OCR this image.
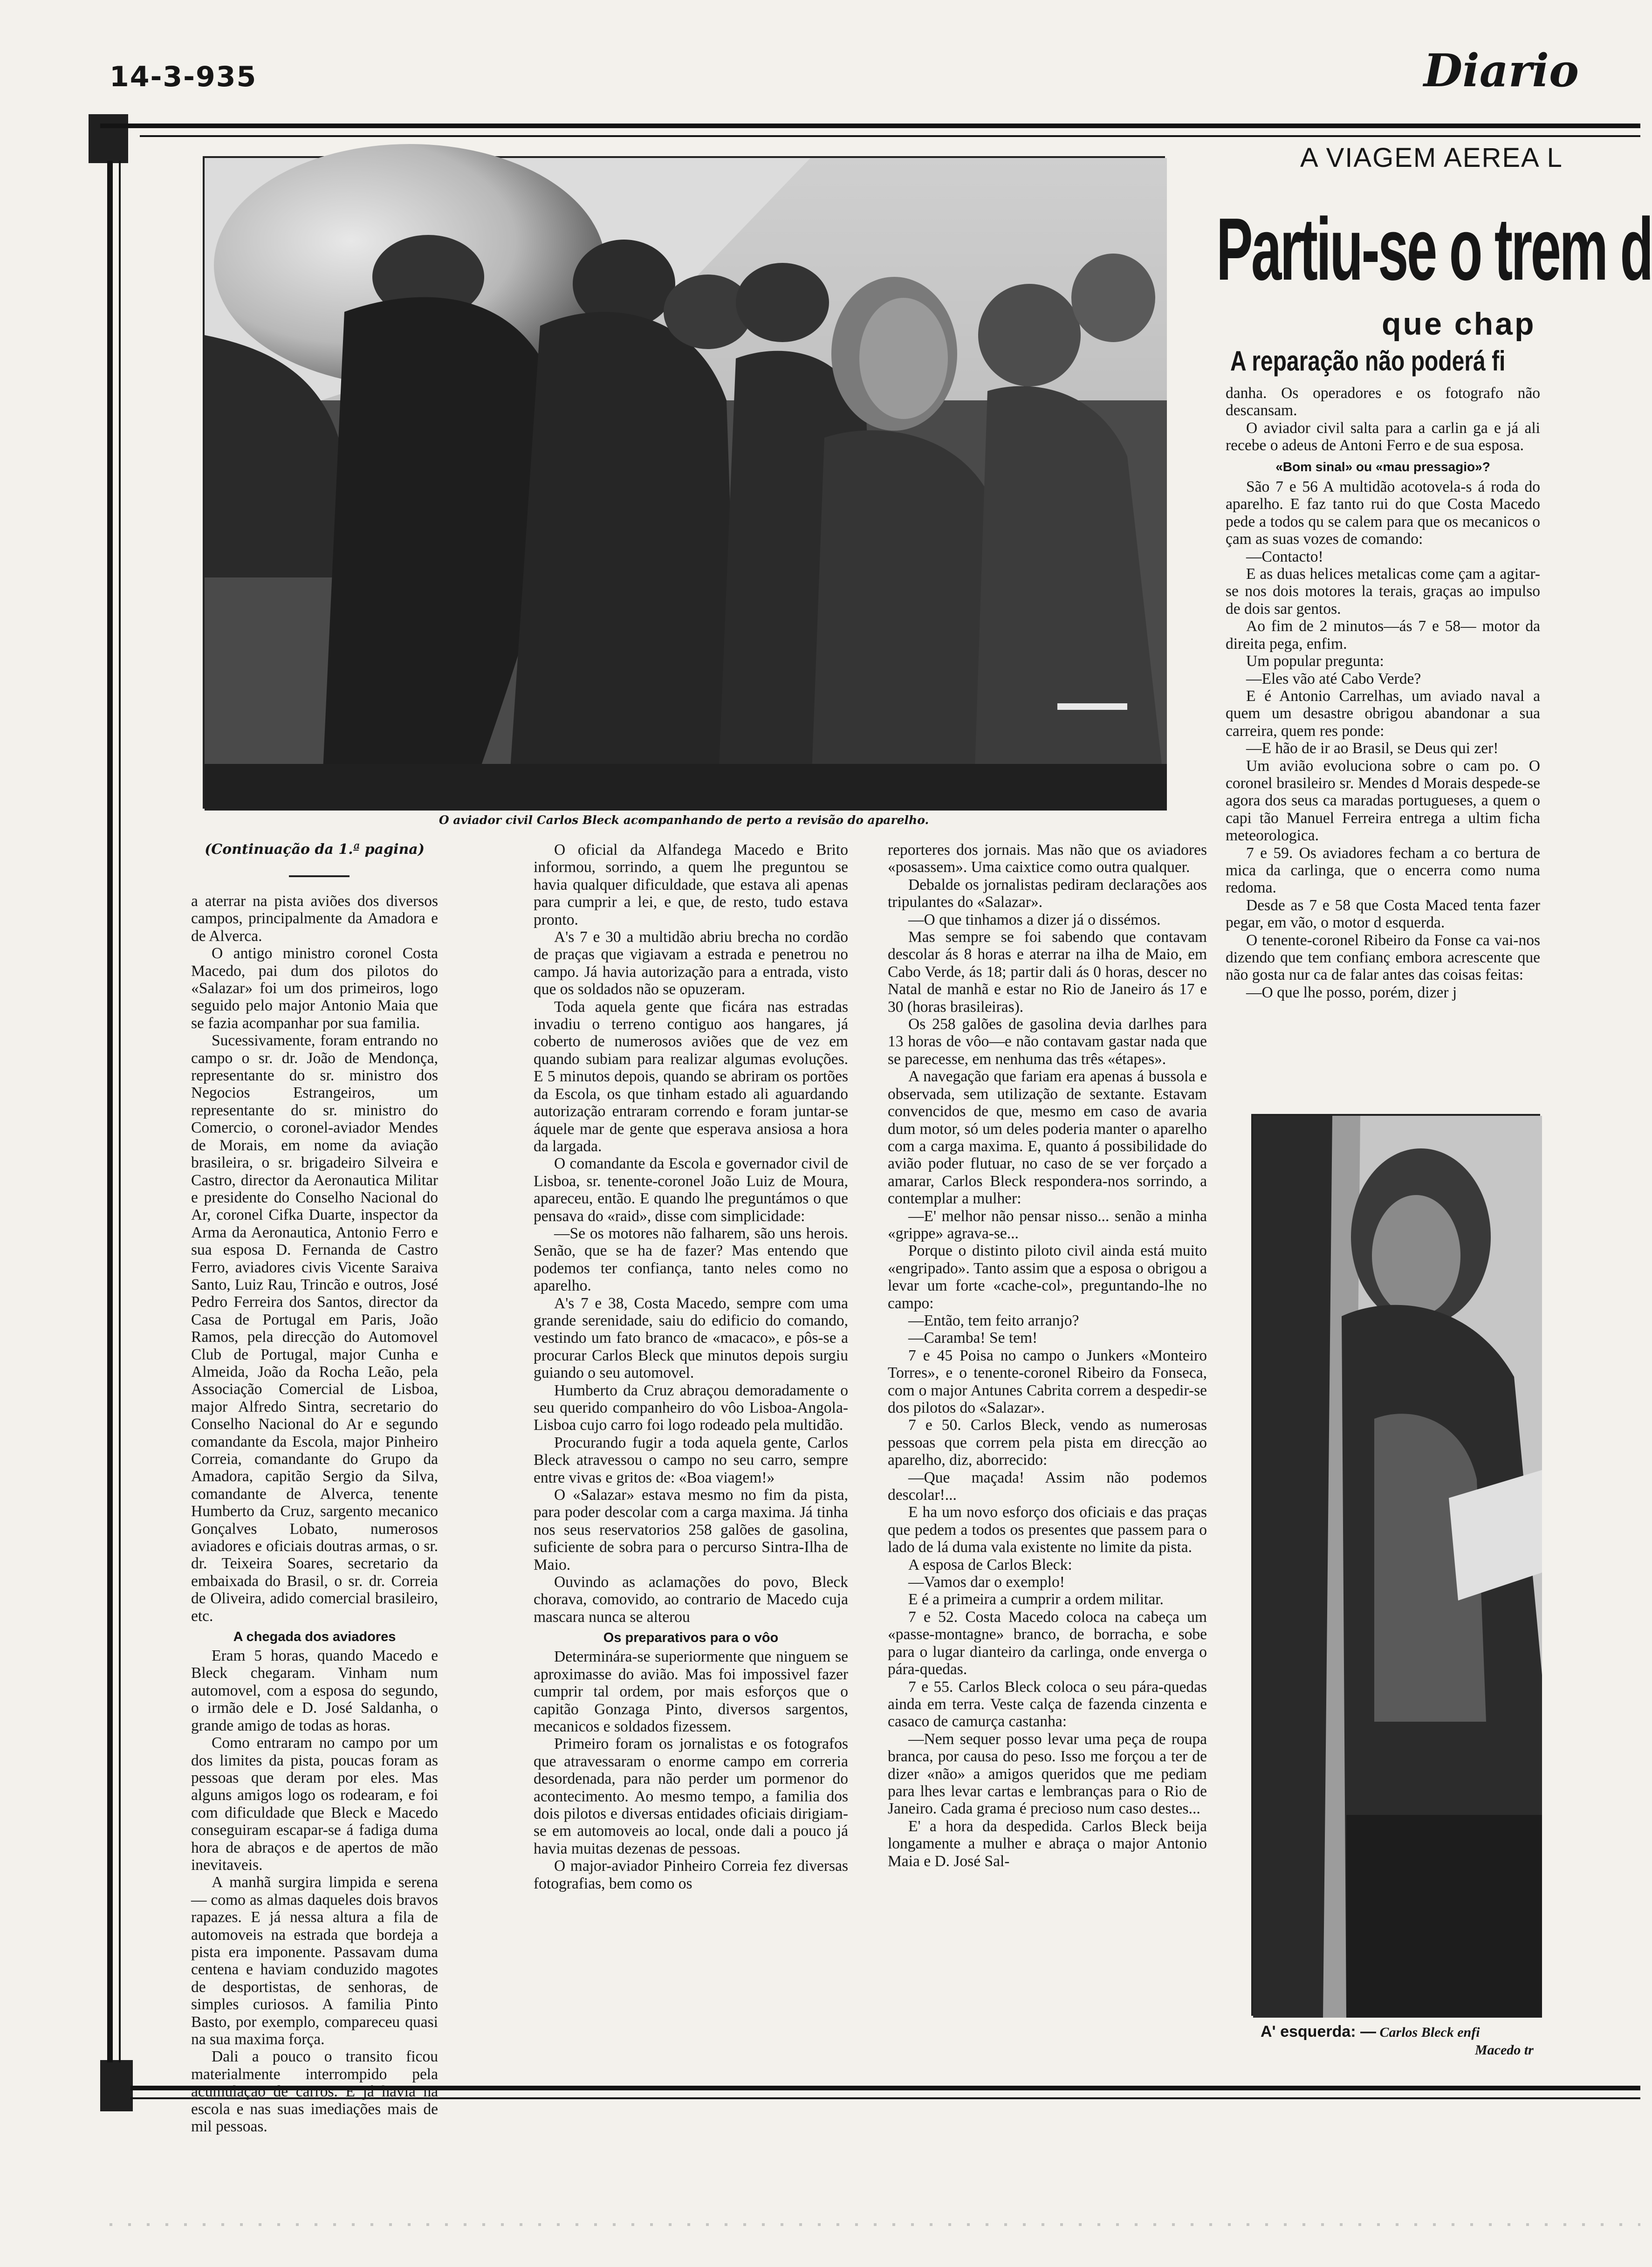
14-3-935	Diario
O aviador civil Carlos Bleck acompanhando de perto a revisão do aparelho.
(Continuação da 1.ª pagina)

a aterrar na pista aviões dos diversos campos, principalmente da Amadora e de Alverca.

O antigo ministro coronel Costa Macedo, pai dum dos pilotos do «Salazar» foi um dos primeiros, logo seguido pelo major Antonio Maia que se fazia acompanhar por sua familia.

Sucessivamente, foram entrando no campo o sr. dr. João de Mendonça, representante do sr. ministro dos Negocios Estrangeiros, um representante do sr. ministro do Comercio, o coronel-aviador Mendes de Morais, em nome da aviação brasileira, o sr. brigadeiro Silveira e Castro, director da Aeronautica Militar e presidente do Conselho Nacional do Ar, coronel Cifka Duarte, inspector da Arma da Aeronautica, Antonio Ferro e sua esposa D. Fernanda de Castro Ferro, aviadores civis Vicente Saraiva Santo, Luiz Rau, Trincão e outros, José Pedro Ferreira dos Santos, director da Casa de Portugal em Paris, João Ramos, pela direcção do Automovel Club de Portugal, major Cunha e Almeida, João da Rocha Leão, pela Associação Comercial de Lisboa, major Alfredo Sintra, secretario do Conselho Nacional do Ar e segundo comandante da Escola, major Pinheiro Correia, comandante do Grupo da Amadora, capitão Sergio da Silva, comandante de Alverca, tenente Humberto da Cruz, sargento mecanico Gonçalves Lobato, numerosos aviadores e oficiais doutras armas, o sr. dr. Teixeira Soares, secretario da embaixada do Brasil, o sr. dr. Correia de Oliveira, adido comercial brasileiro, etc.

A chegada dos aviadores

Eram 5 horas, quando Macedo e Bleck chegaram. Vinham num automovel, com a esposa do segundo, o irmão dele e D. José Saldanha, o grande amigo de todas as horas.

Como entraram no campo por um dos limites da pista, poucas foram as pessoas que deram por eles. Mas alguns amigos logo os rodearam, e foi com dificuldade que Bleck e Macedo conseguiram escapar-se á fadiga duma hora de abraços e de apertos de mão inevitaveis.

A manhã surgira limpida e serena — como as almas daqueles dois bravos rapazes. E já nessa altura a fila de automoveis na estrada que bordeja a pista era imponente. Passavam duma centena e haviam conduzido magotes de desportistas, de senhoras, de simples curiosos. A familia Pinto Basto, por exemplo, compareceu quasi na sua maxima força.

Dali a pouco o transito ficou materialmente interrompido pela acumulação de carros. E já havia na escola e nas suas imediações mais de mil pessoas.

O oficial da Alfandega Macedo e Brito informou, sorrindo, a quem lhe preguntou se havia qualquer dificuldade, que estava ali apenas para cumprir a lei, e que, de resto, tudo estava pronto.

A's 7 e 30 a multidão abriu brecha no cordão de praças que vigiavam a estrada e penetrou no campo. Já havia autorização para a entrada, visto que os soldados não se opuzeram.

Toda aquela gente que ficára nas estradas invadiu o terreno contiguo aos hangares, já coberto de numerosos aviões que de vez em quando subiam para realizar algumas evoluções. E 5 minutos depois, quando se abriram os portões da Escola, os que tinham estado ali aguardando autorização entraram correndo e foram juntar-se áquele mar de gente que esperava ansiosa a hora da largada.

O comandante da Escola e governador civil de Lisboa, sr. tenente-coronel João Luiz de Moura, apareceu, então. E quando lhe preguntámos o que pensava do «raid», disse com simplicidade:

—Se os motores não falharem, são uns herois. Senão, que se ha de fazer? Mas entendo que podemos ter confiança, tanto neles como no aparelho.

A's 7 e 38, Costa Macedo, sempre com uma grande serenidade, saiu do edificio do comando, vestindo um fato branco de «macaco», e pôs-se a procurar Carlos Bleck que minutos depois surgiu guiando o seu automovel.

Humberto da Cruz abraçou demoradamente o seu querido companheiro do vôo Lisboa-Angola-Lisboa cujo carro foi logo rodeado pela multidão.

Procurando fugir a toda aquela gente, Carlos Bleck atravessou o campo no seu carro, sempre entre vivas e gritos de: «Boa viagem!»

O «Salazar» estava mesmo no fim da pista, para poder descolar com a carga maxima. Já tinha nos seus reservatorios 258 galões de gasolina, suficiente de sobra para o percurso Sintra-Ilha de Maio.

Ouvindo as aclamações do povo, Bleck chorava, comovido, ao contrario de Macedo cuja mascara nunca se alterou

Os preparativos para o vôo

Determinára-se superiormente que ninguem se aproximasse do avião. Mas foi impossivel fazer cumprir tal ordem, por mais esforços que o capitão Gonzaga Pinto, diversos sargentos, mecanicos e soldados fizessem.

Primeiro foram os jornalistas e os fotografos que atravessaram o enorme campo em correria desordenada, para não perder um pormenor do acontecimento. Ao mesmo tempo, a familia dos dois pilotos e diversas entidades oficiais dirigiam-se em automoveis ao local, onde dali a pouco já havia muitas dezenas de pessoas.

O major-aviador Pinheiro Correia fez diversas fotografias, bem como os

reporteres dos jornais. Mas não que os aviadores «posassem». Uma caixtice como outra qualquer.

Debalde os jornalistas pediram declarações aos tripulantes do «Salazar».

—O que tinhamos a dizer já o dissémos.

Mas sempre se foi sabendo que contavam descolar ás 8 horas e aterrar na ilha de Maio, em Cabo Verde, ás 18; partir dali ás 0 horas, descer no Natal de manhã e estar no Rio de Janeiro ás 17 e 30 (horas brasileiras).

Os 258 galões de gasolina devia darlhes para 13 horas de vôo—e não contavam gastar nada que se parecesse, em nenhuma das três «étapes».

A navegação que fariam era apenas á bussola e observada, sem utilização de sextante. Estavam convencidos de que, mesmo em caso de avaria dum motor, só um deles poderia manter o aparelho com a carga maxima. E, quanto á possibilidade do avião poder flutuar, no caso de se ver forçado a amarar, Carlos Bleck respondera-nos sorrindo, a contemplar a mulher:

—E' melhor não pensar nisso... senão a minha «grippe» agrava-se...

Porque o distinto piloto civil ainda está muito «engripado». Tanto assim que a esposa o obrigou a levar um forte «cache-col», preguntando-lhe no campo:

—Então, tem feito arranjo?

—Caramba! Se tem!

7 e 45 Poisa no campo o Junkers «Monteiro Torres», e o tenente-coronel Ribeiro da Fonseca, com o major Antunes Cabrita correm a despedir-se dos pilotos do «Salazar».

7 e 50. Carlos Bleck, vendo as numerosas pessoas que correm pela pista em direcção ao aparelho, diz, aborrecido:

—Que maçada! Assim não podemos descolar!...

E ha um novo esforço dos oficiais e das praças que pedem a todos os presentes que passem para o lado de lá duma vala existente no limite da pista.

A esposa de Carlos Bleck:

—Vamos dar o exemplo!

E é a primeira a cumprir a ordem militar.

7 e 52. Costa Macedo coloca na cabeça um «passe-montagne» branco, de borracha, e sobe para o lugar dianteiro da carlinga, onde enverga o pára-quedas.

7 e 55. Carlos Bleck coloca o seu pára-quedas ainda em terra. Veste calça de fazenda cinzenta e casaco de camurça castanha:

—Nem sequer posso levar uma peça de roupa branca, por causa do peso. Isso me forçou a ter de dizer «não» a amigos queridos que me pediam para lhes levar cartas e lembranças para o Rio de Janeiro. Cada grama é precioso num caso destes...

E' a hora da despedida. Carlos Bleck beija longamente a mulher e abraça o major Antonio Maia e D. José Sal-

A VIAGEM AEREA L
Partiu-se o trem d
que chap
A reparação não poderá fi

danha. Os operadores e os fotografo não descansam.

O aviador civil salta para a carlin ga e já ali recebe o adeus de Antoni Ferro e de sua esposa.

«Bom sinal» ou «mau pressagio»?

São 7 e 56 A multidão acotovela-s á roda do aparelho. E faz tanto rui do que Costa Macedo pede a todos qu se calem para que os mecanicos o çam as suas vozes de comando:

—Contacto!

E as duas helices metalicas come çam a agitar-se nos dois motores la terais, graças ao impulso de dois sar gentos.

Ao fim de 2 minutos—ás 7 e 58— motor da direita pega, enfim.

Um popular pregunta:

—Eles vão até Cabo Verde?

E é Antonio Carrelhas, um aviado naval a quem um desastre obrigou abandonar a sua carreira, quem res ponde:

—E hão de ir ao Brasil, se Deus qui zer!

Um avião evoluciona sobre o cam po. O coronel brasileiro sr. Mendes d Morais despede-se agora dos seus ca maradas portugueses, a quem o capi tão Manuel Ferreira entrega a ultim ficha meteorologica.

7 e 59. Os aviadores fecham a co bertura de mica da carlinga, que o encerra como numa redoma.

Desde as 7 e 58 que Costa Maced tenta fazer pegar, em vão, o motor d esquerda.

O tenente-coronel Ribeiro da Fonse ca vai-nos dizendo que tem confianç embora acrescente que não gosta nur ca de falar antes das coisas feitas:

—O que lhe posso, porém, dizer j

A' esquerda: — Carlos Bleck enfi
Macedo tr
